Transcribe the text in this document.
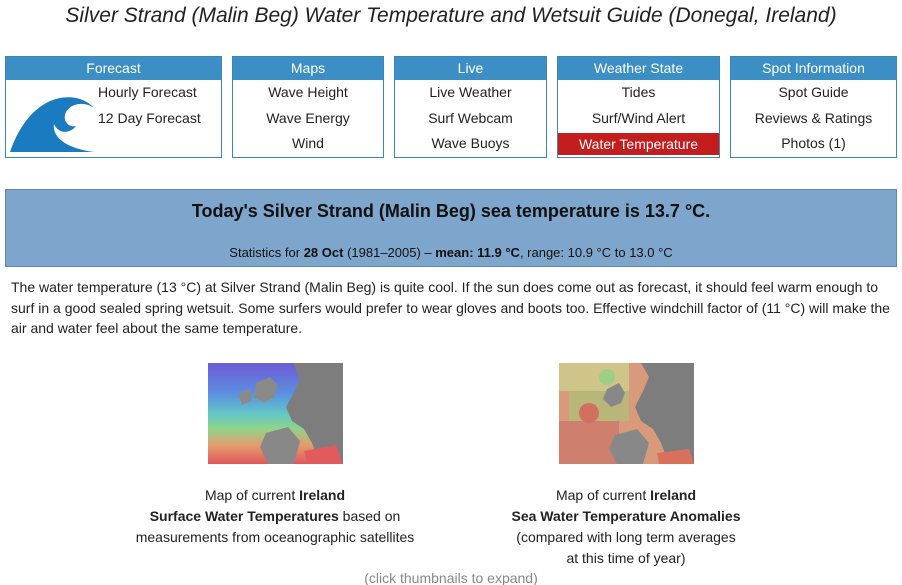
Silver Strand (Malin Beg) Water Temperature and Wetsuit Guide (Donegal, Ireland)
Forecast
Hourly Forecast
12 Day Forecast
Maps
Wave Height
Wave Energy
Wind
Live
Live Weather
Surf Webcam
Wave Buoys
Weather State
Tides
Surf/Wind Alert
Water Temperature
Spot Information
Spot Guide
Reviews & Ratings
Photos (1)
Today's Silver Strand (Malin Beg) sea temperature is 13.7 °C.
Statistics for 28 Oct (1981–2005) – mean: 11.9 °C, range: 10.9 °C to 13.0 °C
The water temperature (13 °C) at Silver Strand (Malin Beg) is quite cool. If the sun does come out as forecast, it should feel warm enough to surf in a good sealed spring wetsuit. Some surfers would prefer to wear gloves and boots too. Effective windchill factor of (11 °C) will make the air and water feel about the same temperature.
Map of current Ireland
Surface Water Temperatures based on
measurements from oceanographic satellites
Map of current Ireland
Sea Water Temperature Anomalies
(compared with long term averages
at this time of year)
(click thumbnails to expand)
